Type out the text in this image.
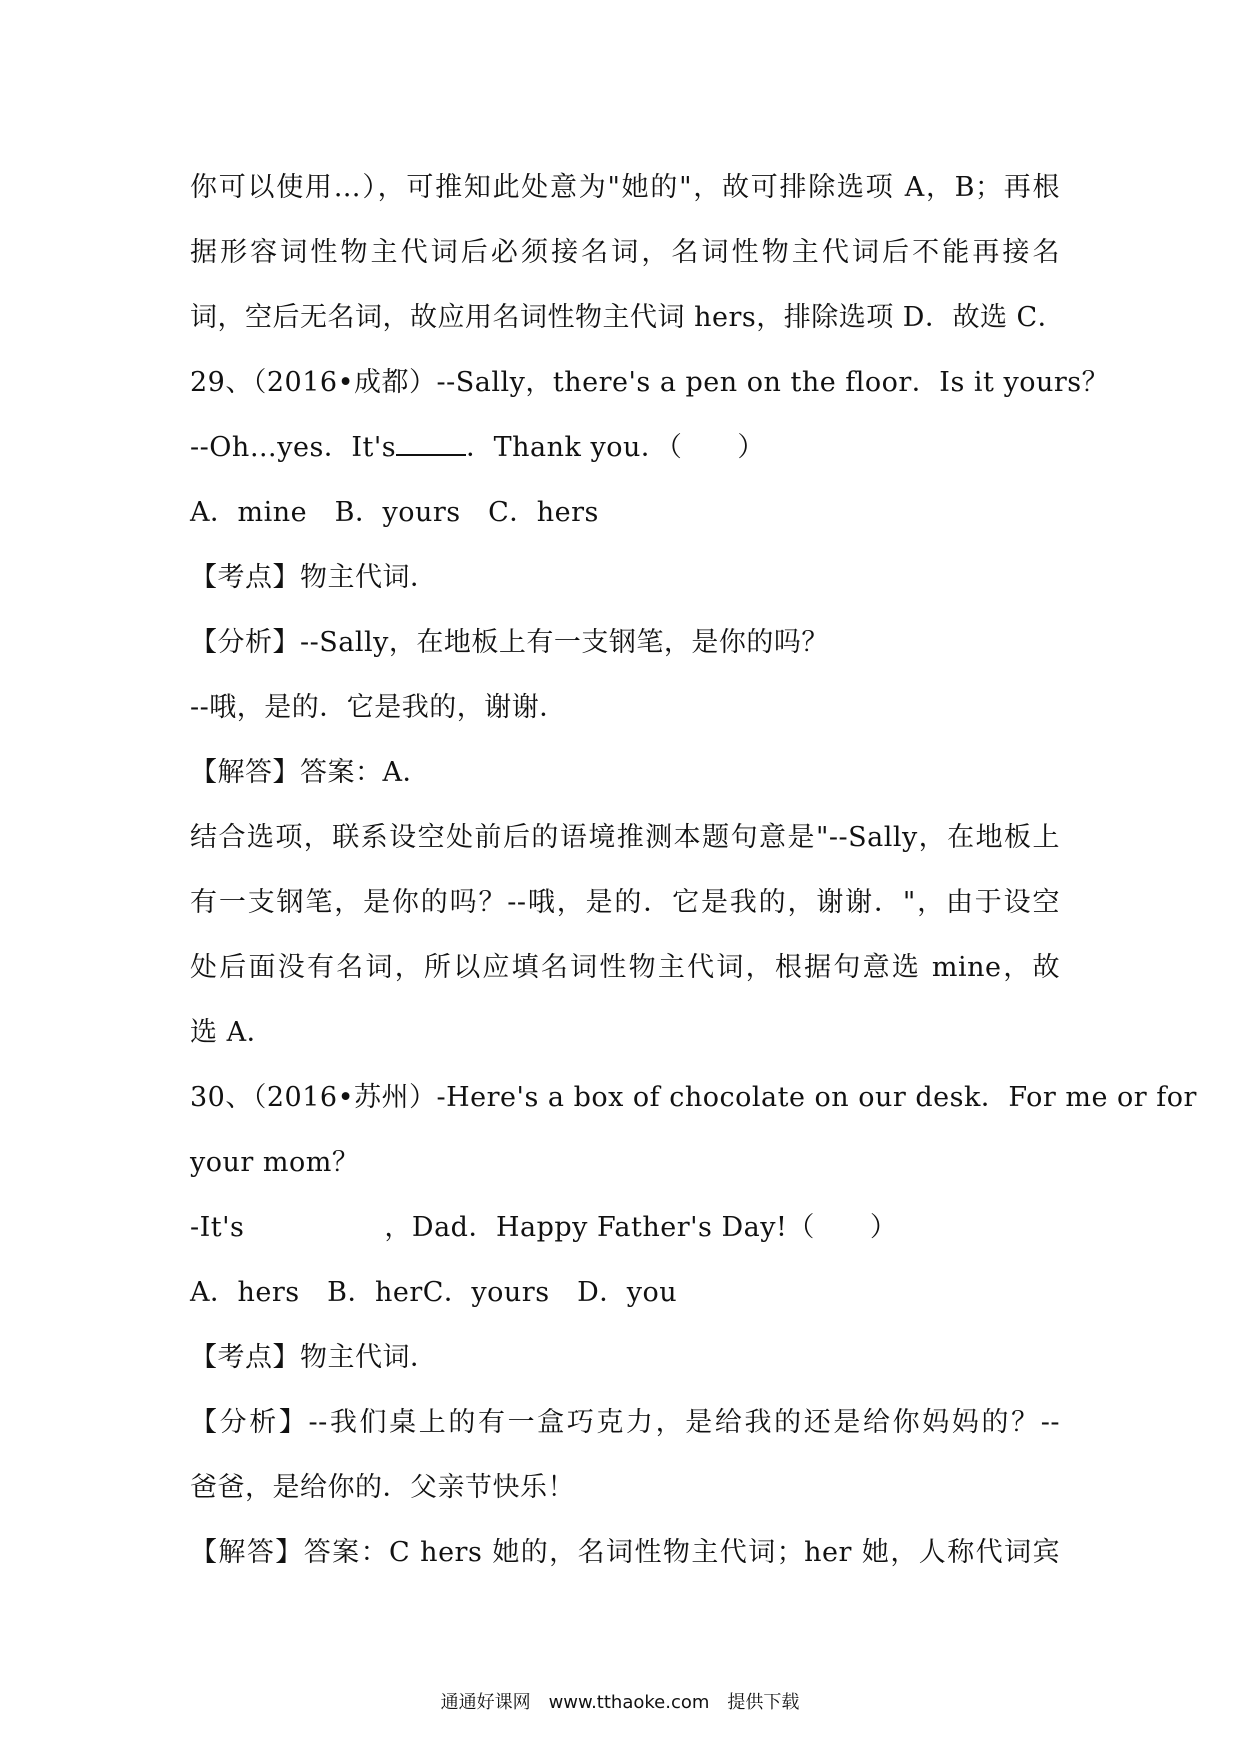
你可以使用…），可推知此处意为"她的"，故可排除选项 A，B；再根
据形容词性物主代词后必须接名词，名词性物主代词后不能再接名
词，空后无名词，故应用名词性物主代词 hers，排除选项 D．故选 C．
29、（2016•成都）--Sally，there's a pen on the floor．Is it yours？
--Oh…yes．It's	．Thank you．（　　）
A．mine　B．yours　C．hers
【考点】物主代词．
【分析】--Sally，在地板上有一支钢笔，是你的吗？
--哦，是的．它是我的，谢谢．
【解答】答案：A．
结合选项，联系设空处前后的语境推测本题句意是"--Sally，在地板上
有一支钢笔，是你的吗？--哦，是的．它是我的，谢谢．"，由于设空
处后面没有名词，所以应填名词性物主代词，根据句意选 mine，故
选 A．
30、（2016•苏州）-Here's a box of chocolate on our desk．For me or for
your mom？
-It's	，Dad．Happy Father's Day!（　　）
A．hers　B．herC．yours　D．you
【考点】物主代词．
【分析】--我们桌上的有一盒巧克力，是给我的还是给你妈妈的？--
爸爸，是给你的．父亲节快乐！
【解答】答案：C hers 她的，名词性物主代词；her 她，人称代词宾
通通好课网　www.tthaoke.com　提供下载
